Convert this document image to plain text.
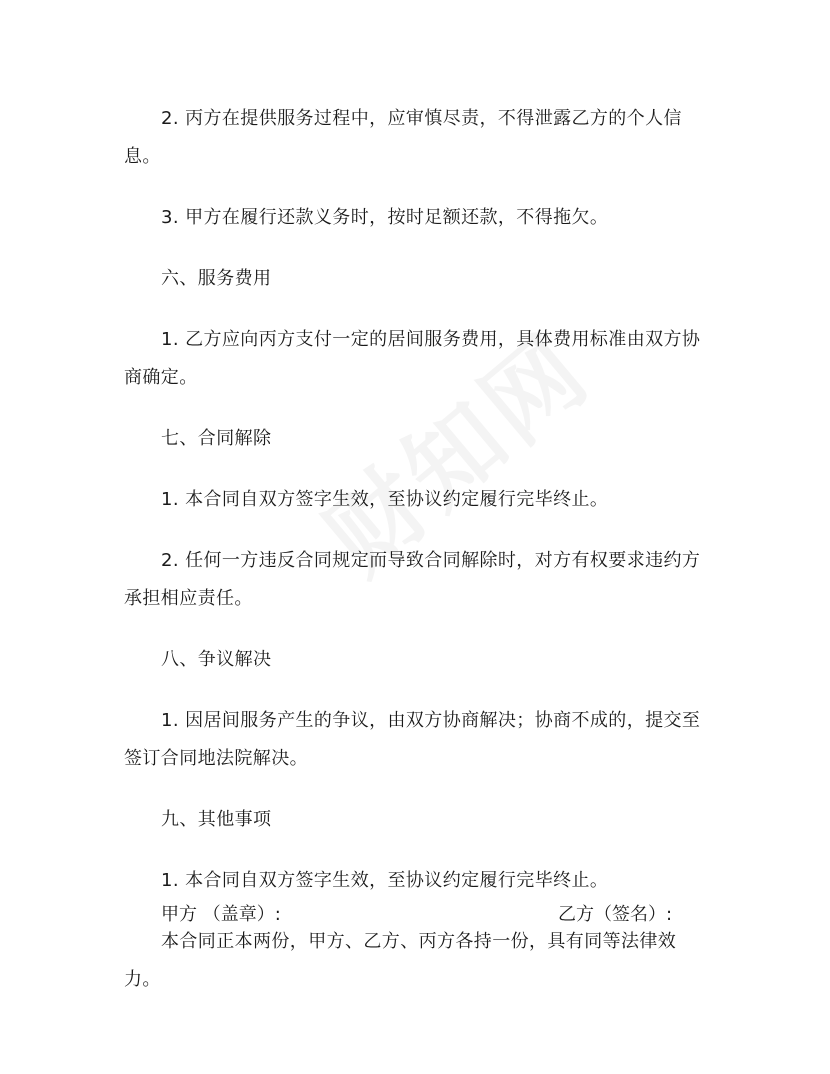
2. 丙方在提供服务过程中，应审慎尽责，不得泄露乙方的个人信息。

3. 甲方在履行还款义务时，按时足额还款，不得拖欠。

六、服务费用

1. 乙方应向丙方支付一定的居间服务费用，具体费用标准由双方协商确定。

七、合同解除

1. 本合同自双方签字生效，至协议约定履行完毕终止。

2. 任何一方违反合同规定而导致合同解除时，对方有权要求违约方承担相应责任。

八、争议解决

1. 因居间服务产生的争议，由双方协商解决；协商不成的，提交至签订合同地法院解决。

九、其他事项

1. 本合同自双方签字生效，至协议约定履行完毕终止。

本合同正本两份，甲方、乙方、丙方各持一份，具有同等法律效力。

甲方 （盖章）:	乙方（签名）:
